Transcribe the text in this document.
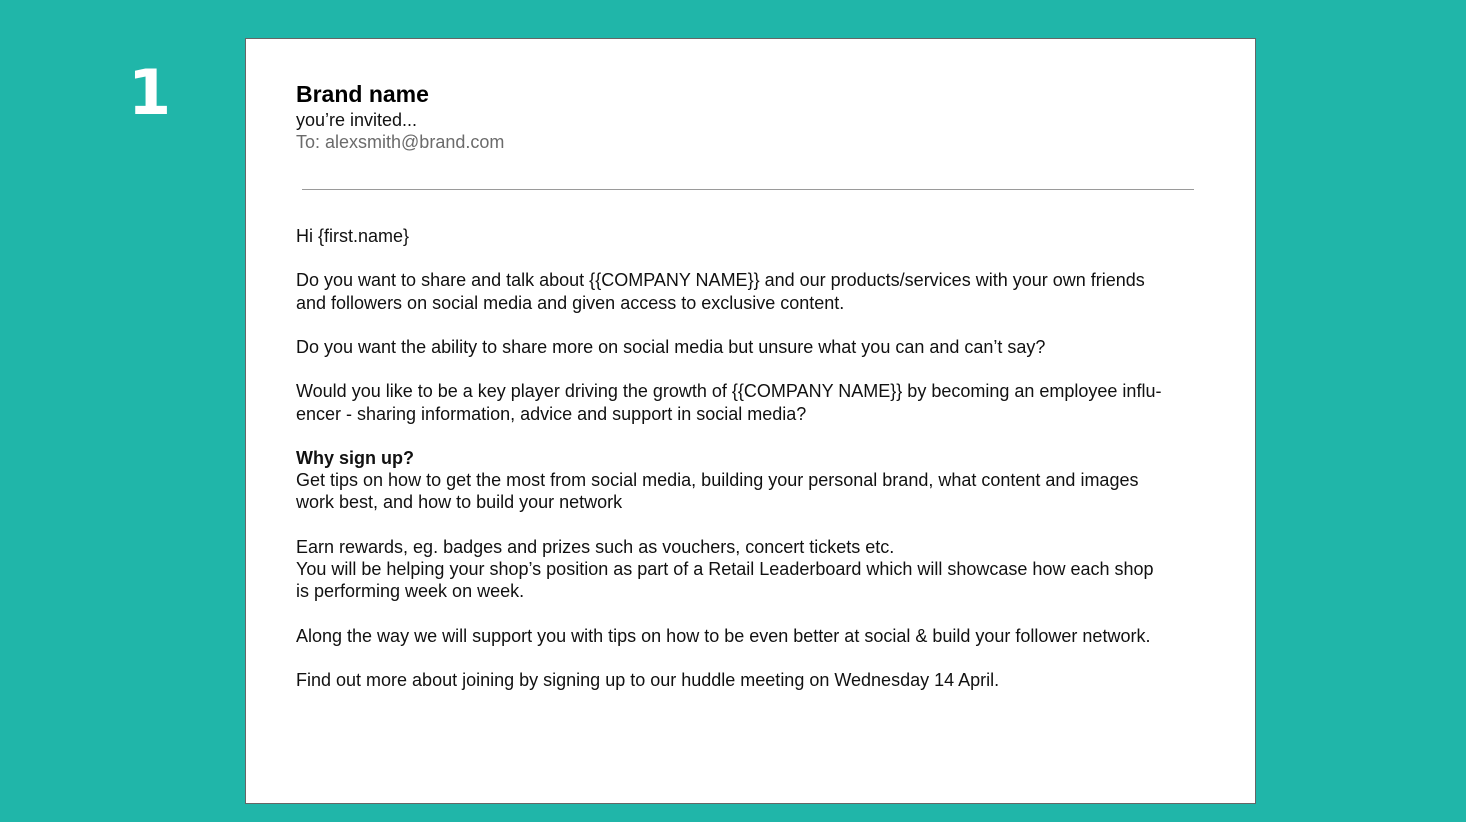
1	Brand name
you’re invited...
To: alexsmith@brand.com

Hi {first.name}

Do you want to share and talk about {{COMPANY NAME}} and our products/services with your own friends
and followers on social media and given access to exclusive content.

Do you want the ability to share more on social media but unsure what you can and can’t say?

Would you like to be a key player driving the growth of {{COMPANY NAME}} by becoming an employee influ-
encer - sharing information, advice and support in social media?

Why sign up?

Get tips on how to get the most from social media, building your personal brand, what content and images
work best, and how to build your network

Earn rewards, eg. badges and prizes such as vouchers, concert tickets etc.

You will be helping your shop’s position as part of a Retail Leaderboard which will showcase how each shop
is performing week on week.

Along the way we will support you with tips on how to be even better at social & build your follower network.

Find out more about joining by signing up to our huddle meeting on Wednesday 14 April.
